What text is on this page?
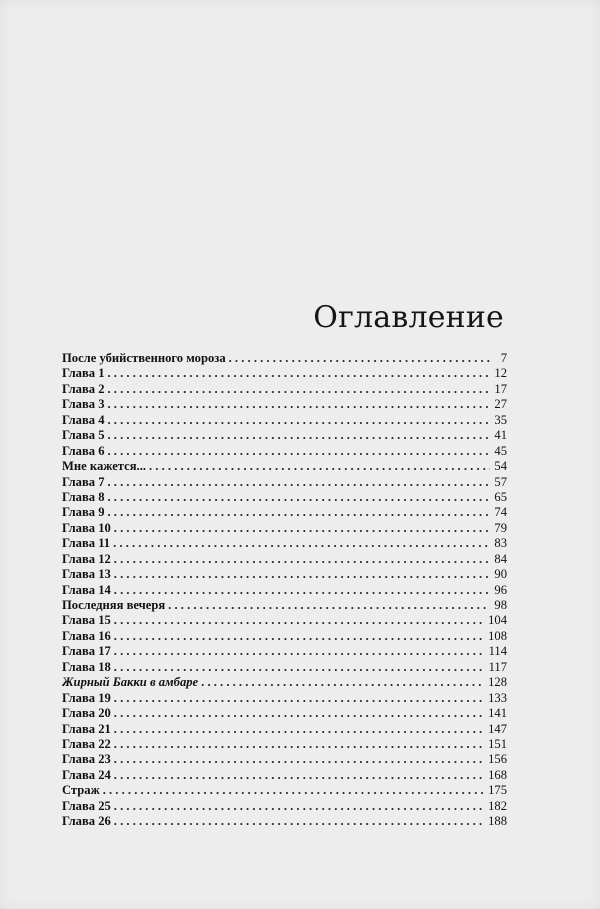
Оглавление
После убийственного мороза . . .	7
Глава 1 . . .	12
Глава 2 . . .	17
Глава 3 . . .	27
Глава 4 . . .	35
Глава 5 . . .	41
Глава 6 . . .	45
Мне кажется... . . .	54
Глава 7 . . .	57
Глава 8 . . .	65
Глава 9 . . .	74
Глава 10 . . .	79
Глава 11 . . .	83
Глава 12 . . .	84
Глава 13 . . .	90
Глава 14 . . .	96
Последняя вечеря . . .	98
Глава 15 . . .	104
Глава 16 . . .	108
Глава 17 . . .	114
Глава 18 . . .	117
Жирный Бакки в амбаре . . .	128
Глава 19 . . .	133
Глава 20 . . .	141
Глава 21 . . .	147
Глава 22 . . .	151
Глава 23 . . .	156
Глава 24 . . .	168
Страж . . .	175
Глава 25 . . .	182
Глава 26 . . .	188
